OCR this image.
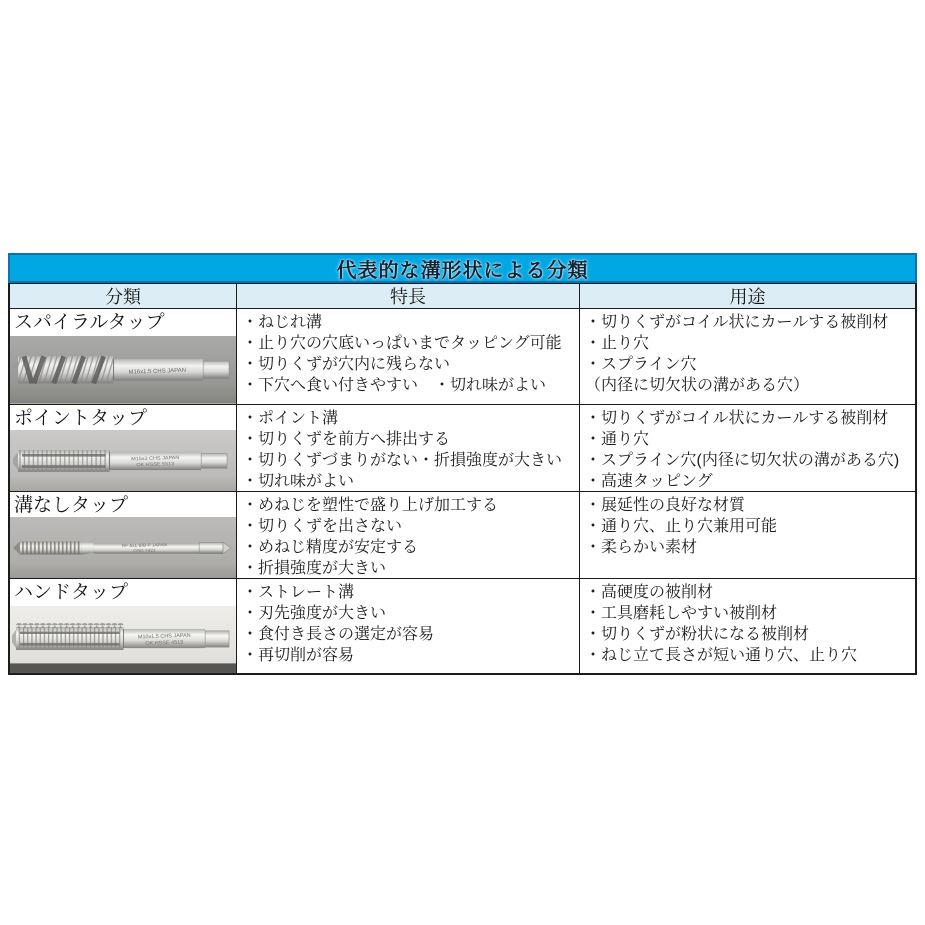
代表的な溝形状による分類
分類	特長	用途
スパイラルタップ
M16x1.5 CHS JAPAN
・ねじれ溝
・止り穴の穴底いっぱいまでタッピング可能
・切りくずが穴内に残らない
・下穴へ食い付きやすい　・切れ味がよい
・切りくずがコイル状にカールする被削材
・止り穴
・スプライン穴
（内径に切欠状の溝がある穴）
ポイントタップ
M15x2 CHS JAPAN
OK HSSE 5513
・ポイント溝
・切りくずを前方へ排出する
・切りくずづまりがない・折損強度が大きい
・切れ味がよい
・切りくずがコイル状にカールする被削材
・通り穴
・スプライン穴(内径に切欠状の溝がある穴)
・高速タッピング
溝なしタップ
RF 6x1 B/B P JAPAN
OSG 7421
・めねじを塑性で盛り上げ加工する
・切りくずを出さない
・めねじ精度が安定する
・折損強度が大きい
・展延性の良好な材質
・通り穴、止り穴兼用可能
・柔らかい素材
ハンドタップ
M10x1.5 CHS JAPAN
OK HSSE 4519
・ストレート溝
・刃先強度が大きい
・食付き長さの選定が容易
・再切削が容易
・高硬度の被削材
・工具磨耗しやすい被削材
・切りくずが粉状になる被削材
・ねじ立て長さが短い通り穴、止り穴
